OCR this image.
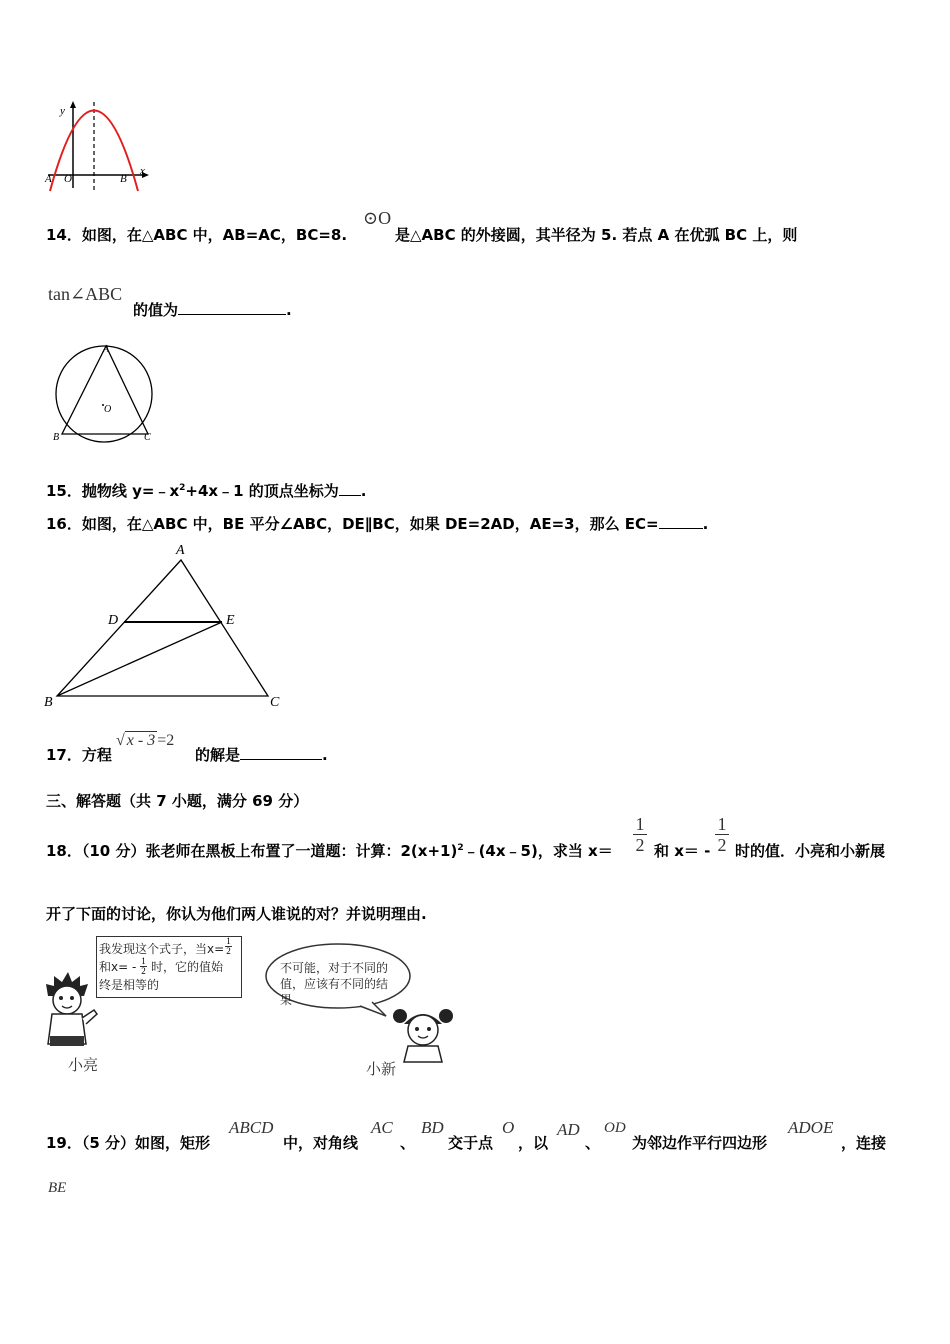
y
x
A O	B
14．如图，在△ABC 中，AB=AC，BC=8.
⊙O
是△ABC 的外接圆，其半径为 5. 若点 A 在优弧 BC 上，则
tan∠ABC
的值为	.
A
B	C
O
15．抛物线 $y=﹣x^2+4x﹣1$ 的顶点坐标为 .
16．如图，在△ABC 中，BE 平分∠ABC，DE∥BC，如果 DE=2AD，AE=3，那么 EC=	.
A
B	C
D	E
17．方程
√ x - 3 =2
的解是	.
三、解答题（共 7 小题，满分 69 分）
18．（10 分）张老师在黑板上布置了一道题：计算：$2(x+1)^2﹣(4x﹣5)$，求当 x＝
1
2 和 x＝ -
1
2 时的值．小亮和小新展
开了下面的讨论，你认为他们两人谁说的对？并说明理由.
我发现这个式子，当x=
1
2
和x= - 1
2 时，它的值始
终是相等的
小亮
不可能，对于不同的
值，应该有不同的结
果
小新
19．（5 分）如图，矩形
ABCD
中，对角线
AC
、
BD
交于点
O
，以
AD
、
OD
为邻边作平行四边形
ADOE
，连接
BE
